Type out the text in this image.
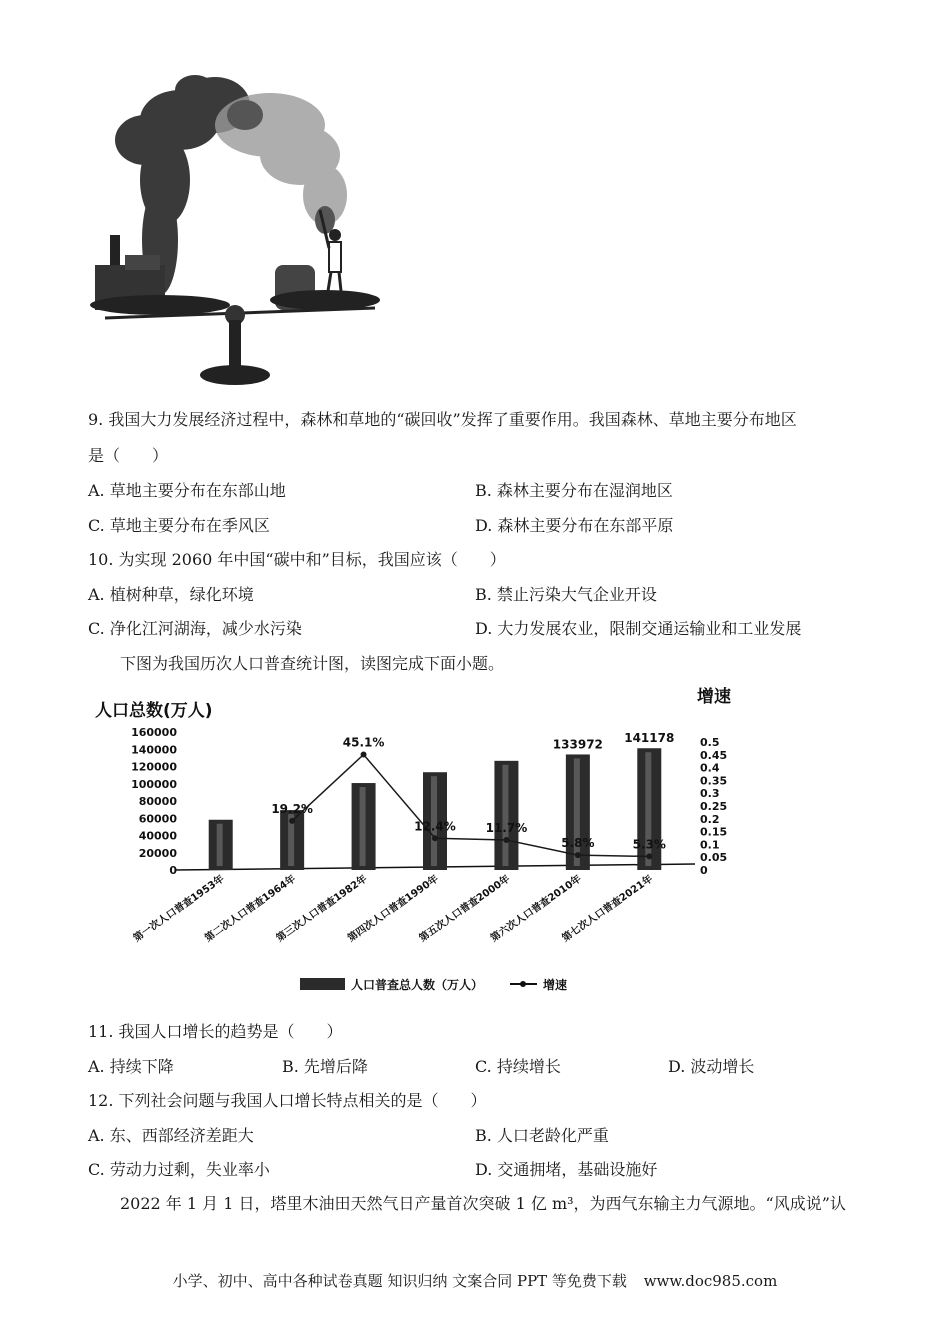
9. 我国大力发展经济过程中，森林和草地的“碳回收”发挥了重要作用。我国森林、草地主要分布地区
是（　　）
A. 草地主要分布在东部山地	B. 森林主要分布在湿润地区
C. 草地主要分布在季风区	D. 森林主要分布在东部平原
10. 为实现 2060 年中国“碳中和”目标，我国应该（　　）
A. 植树种草，绿化环境	B. 禁止污染大气企业开设
C. 净化江河湖海，减少水污染	D. 大力发展农业，限制交通运输业和工业发展
下图为我国历次人口普查统计图，读图完成下面小题。
人口总数(万人)
增速
0
20000
40000
60000
80000
100000
120000
140000
160000
0
0.05
0.1
0.15
0.2
0.25
0.3
0.35
0.4
0.45
0.5
133972 141178
19.2%
45.1%
12.4% 11.7%
5.8%	5.3%
第一次人口普查1953年
第二次人口普查1964年
第三次人口普查1982年
第四次人口普查1990年
第五次人口普查2000年
第六次人口普查2010年
第七次人口普查2021年
人口普查总人数（万人）	增速
11. 我国人口增长的趋势是（　　）
A. 持续下降	B. 先增后降	C. 持续增长	D. 波动增长
12. 下列社会问题与我国人口增长特点相关的是（　　）
A. 东、西部经济差距大	B. 人口老龄化严重
C. 劳动力过剩，失业率小	D. 交通拥堵，基础设施好
2022 年 1 月 1 日，塔里木油田天然气日产量首次突破 1 亿 m³，为西气东输主力气源地。“风成说”认
小学、初中、高中各种试卷真题 知识归纳 文案合同 PPT 等免费下载 www.doc985.com
